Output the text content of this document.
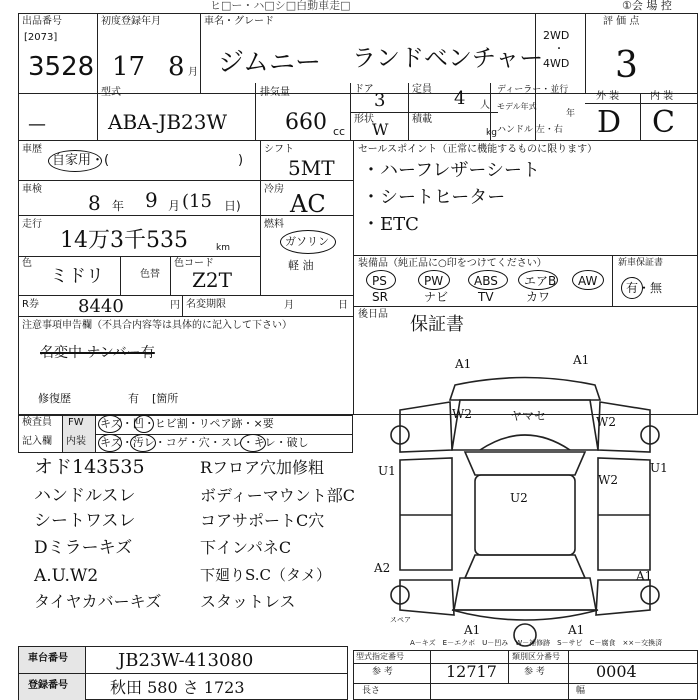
ヒ□ー・ハ□シ□白動車走□	①会 場 控
出品番号
[2073]
3528
初度登録年月
17 8 月
車名・グレード
ジムニー ランドベンチャー
2WD
・
4WD
評 価 点
3
型式
ABA-JB23W
—
排気量
660 cc
ドア
3
定員 4 人
形状
W
積載
kg
ディーラー・並行
モデル年式
年
ハンドル 左・右
外 装	内 装
D C
車歴
自家用・(	)
シフト
5MT
車検
8 年 9 月 (15 日)
冷房
AC
走行
14万3千535	km
燃料
ガソリン
軽 油
色
ミドリ	色替
色コード
Z2T
R券 8440	円 名変期限	月	日
注意事項申告欄（不具合内容等は具体的に記入して下さい）
名変中 ナンバー有
修復歴	有 [箇所
セールスポイント（正常に機能するものに限ります）
・ハーフレザーシート
・シートヒーター
・ETC
装備品（純正品に○印をつけてください）	新車保証書
有・無
PS	PW	ABS エアB AW
SR	ナビ TV	カワ
後日品 保証書
検査員
記入欄
FW
内装
キズ・凹・ヒビ割・リペア跡・×要
キズ・汚レ・コゲ・穴・スレ・キレ・破し
オド143535
ハンドルスレ
シートワスレ
Dミラーキズ
A.U.W2
タイヤカバーキズ
Rフロア穴加修粗
ボディーマウント部C
コアサポートC穴
下インパネC
下廻りS.C（タメ）
スタットレス
A1	A1
W2	ヤマセ	W2
U1	U1
W2
U2
A2
A1
A1	A1
スペア
A－キズ　E－エクボ　U－凹み　W－補修跡　S－サビ　C－腐食　××－交換済
車台番号	JB23W-413080
登録番号	秋田 580 さ 1723
型式指定番号	類別区分番号
参 考	参 考
12717	0004
長さ	幅
